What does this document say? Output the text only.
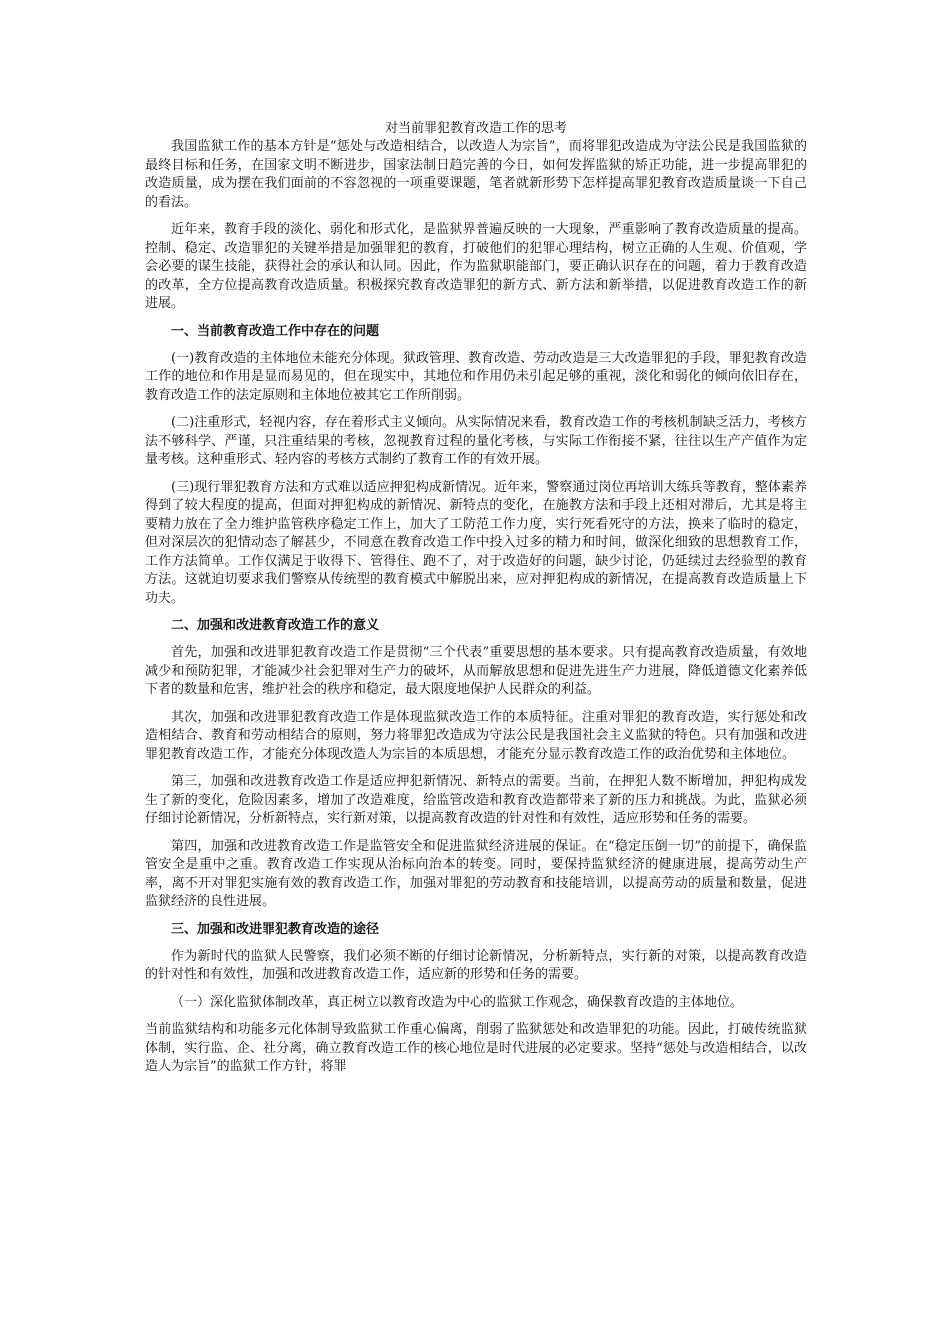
对当前罪犯教育改造工作的思考

我国监狱工作的基本方针是“惩处与改造相结合，以改造人为宗旨”，而将罪犯改造成为守法公民是我国监狱的最终目标和任务，在国家文明不断进步，国家法制日趋完善的今日，如何发挥监狱的矫正功能，进一步提高罪犯的改造质量，成为摆在我们面前的不容忽视的一项重要课题，笔者就新形势下怎样提高罪犯教育改造质量谈一下自己的看法。

近年来，教育手段的淡化、弱化和形式化，是监狱界普遍反映的一大现象，严重影响了教育改造质量的提高。控制、稳定、改造罪犯的关键举措是加强罪犯的教育，打破他们的犯罪心理结构，树立正确的人生观、价值观，学会必要的谋生技能，获得社会的承认和认同。因此，作为监狱职能部门，要正确认识存在的问题，着力于教育改造的改革，全方位提高教育改造质量。积极探究教育改造罪犯的新方式、新方法和新举措，以促进教育改造工作的新进展。

一、当前教育改造工作中存在的问题

(一)教育改造的主体地位未能充分体现。狱政管理、教育改造、劳动改造是三大改造罪犯的手段，罪犯教育改造工作的地位和作用是显而易见的，但在现实中，其地位和作用仍未引起足够的重视，淡化和弱化的倾向依旧存在，教育改造工作的法定原则和主体地位被其它工作所削弱。

(二)注重形式，轻视内容，存在着形式主义倾向。从实际情况来看，教育改造工作的考核机制缺乏活力，考核方法不够科学、严谨，只注重结果的考核，忽视教育过程的量化考核，与实际工作衔接不紧，往往以生产产值作为定量考核。这种重形式、轻内容的考核方式制约了教育工作的有效开展。

(三)现行罪犯教育方法和方式难以适应押犯构成新情况。近年来，警察通过岗位再培训大练兵等教育，整体素养得到了较大程度的提高，但面对押犯构成的新情况、新特点的变化，在施教方法和手段上还相对滞后，尤其是将主要精力放在了全力维护监管秩序稳定工作上，加大了工防范工作力度，实行死看死守的方法，换来了临时的稳定，但对深层次的犯情动态了解甚少，不同意在教育改造工作中投入过多的精力和时间，做深化细致的思想教育工作，工作方法简单。工作仅满足于收得下、管得住、跑不了，对于改造好的问题，缺少讨论，仍延续过去经验型的教育方法。这就迫切要求我们警察从传统型的教育模式中解脱出来，应对押犯构成的新情况，在提高教育改造质量上下功夫。

二、加强和改进教育改造工作的意义

首先，加强和改进罪犯教育改造工作是贯彻“三个代表”重要思想的基本要求。只有提高教育改造质量，有效地减少和预防犯罪，才能减少社会犯罪对生产力的破坏，从而解放思想和促进先进生产力进展，降低道德文化素养低下者的数量和危害，维护社会的秩序和稳定，最大限度地保护人民群众的利益。

其次，加强和改进罪犯教育改造工作是体现监狱改造工作的本质特征。注重对罪犯的教育改造，实行惩处和改造相结合、教育和劳动相结合的原则，努力将罪犯改造成为守法公民是我国社会主义监狱的特色。只有加强和改进罪犯教育改造工作，才能充分体现改造人为宗旨的本质思想，才能充分显示教育改造工作的政治优势和主体地位。

第三，加强和改进教育改造工作是适应押犯新情况、新特点的需要。当前，在押犯人数不断增加，押犯构成发生了新的变化，危险因素多，增加了改造难度，给监管改造和教育改造都带来了新的压力和挑战。为此，监狱必须仔细讨论新情况，分析新特点，实行新对策，以提高教育改造的针对性和有效性，适应形势和任务的需要。

第四，加强和改进教育改造工作是监管安全和促进监狱经济进展的保证。在“稳定压倒一切”的前提下，确保监管安全是重中之重。教育改造工作实现从治标向治本的转变。同时，要保持监狱经济的健康进展，提高劳动生产率，离不开对罪犯实施有效的教育改造工作，加强对罪犯的劳动教育和技能培训，以提高劳动的质量和数量，促进监狱经济的良性进展。

三、加强和改进罪犯教育改造的途径

作为新时代的监狱人民警察，我们必须不断的仔细讨论新情况，分析新特点，实行新的对策，以提高教育改造的针对性和有效性，加强和改进教育改造工作，适应新的形势和任务的需要。

（一）深化监狱体制改革，真正树立以教育改造为中心的监狱工作观念，确保教育改造的主体地位。

当前监狱结构和功能多元化体制导致监狱工作重心偏离，削弱了监狱惩处和改造罪犯的功能。因此，打破传统监狱体制，实行监、企、社分离，确立教育改造工作的核心地位是时代进展的必定要求。坚持“惩处与改造相结合，以改造人为宗旨”的监狱工作方针，将罪
